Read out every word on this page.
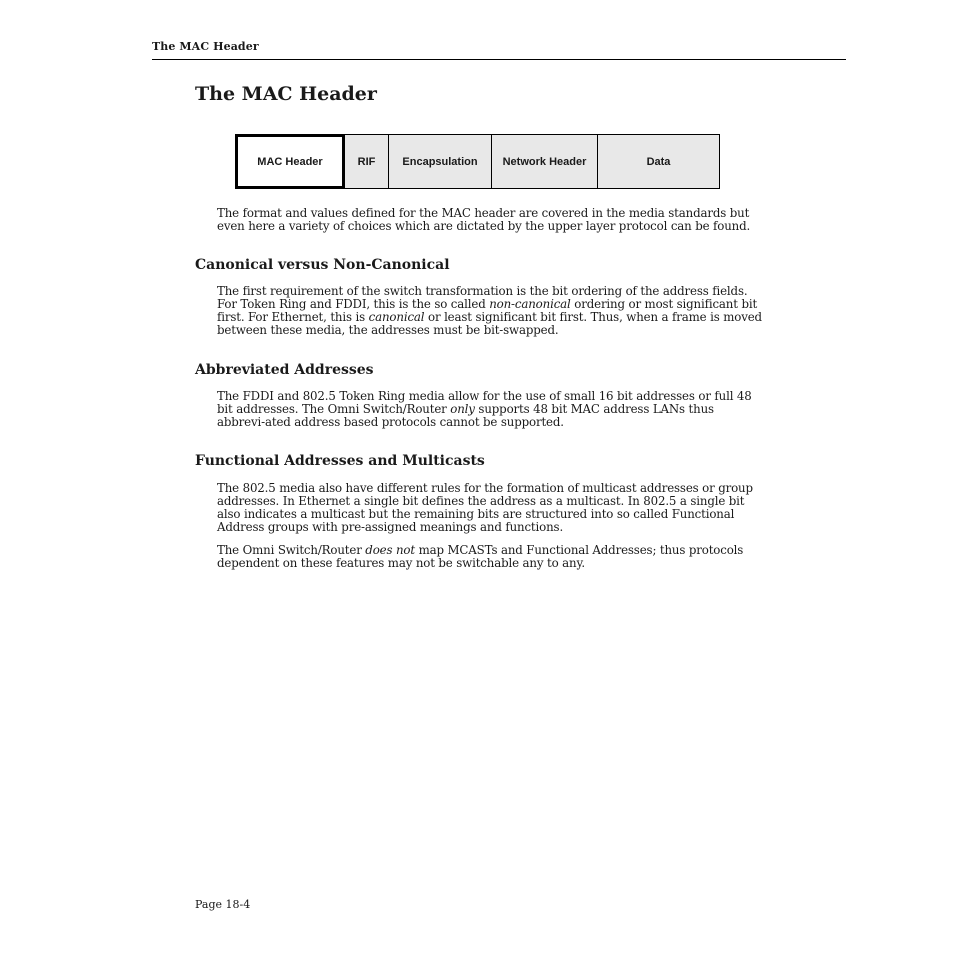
The MAC Header
The MAC Header
MAC Header	RIF	Encapsulation	Network Header	Data

The format and values defined for the MAC header are covered in the media standards but even here a variety of choices which are dictated by the upper layer protocol can be found.

Canonical versus Non-Canonical

The first requirement of the switch transformation is the bit ordering of the address fields. For Token Ring and FDDI, this is the so called non-canonical ordering or most significant bit first. For Ethernet, this is canonical or least significant bit first. Thus, when a frame is moved between these media, the addresses must be bit-swapped.

Abbreviated Addresses

The FDDI and 802.5 Token Ring media allow for the use of small 16 bit addresses or full 48 bit addresses. The Omni Switch/Router only supports 48 bit MAC address LANs thus abbrevi-ated address based protocols cannot be supported.

Functional Addresses and Multicasts

The 802.5 media also have different rules for the formation of multicast addresses or group addresses. In Ethernet a single bit defines the address as a multicast. In 802.5 a single bit also indicates a multicast but the remaining bits are structured into so called Functional Address groups with pre-assigned meanings and functions.

The Omni Switch/Router does not map MCASTs and Functional Addresses; thus protocols dependent on these features may not be switchable any to any.

Page 18-4
